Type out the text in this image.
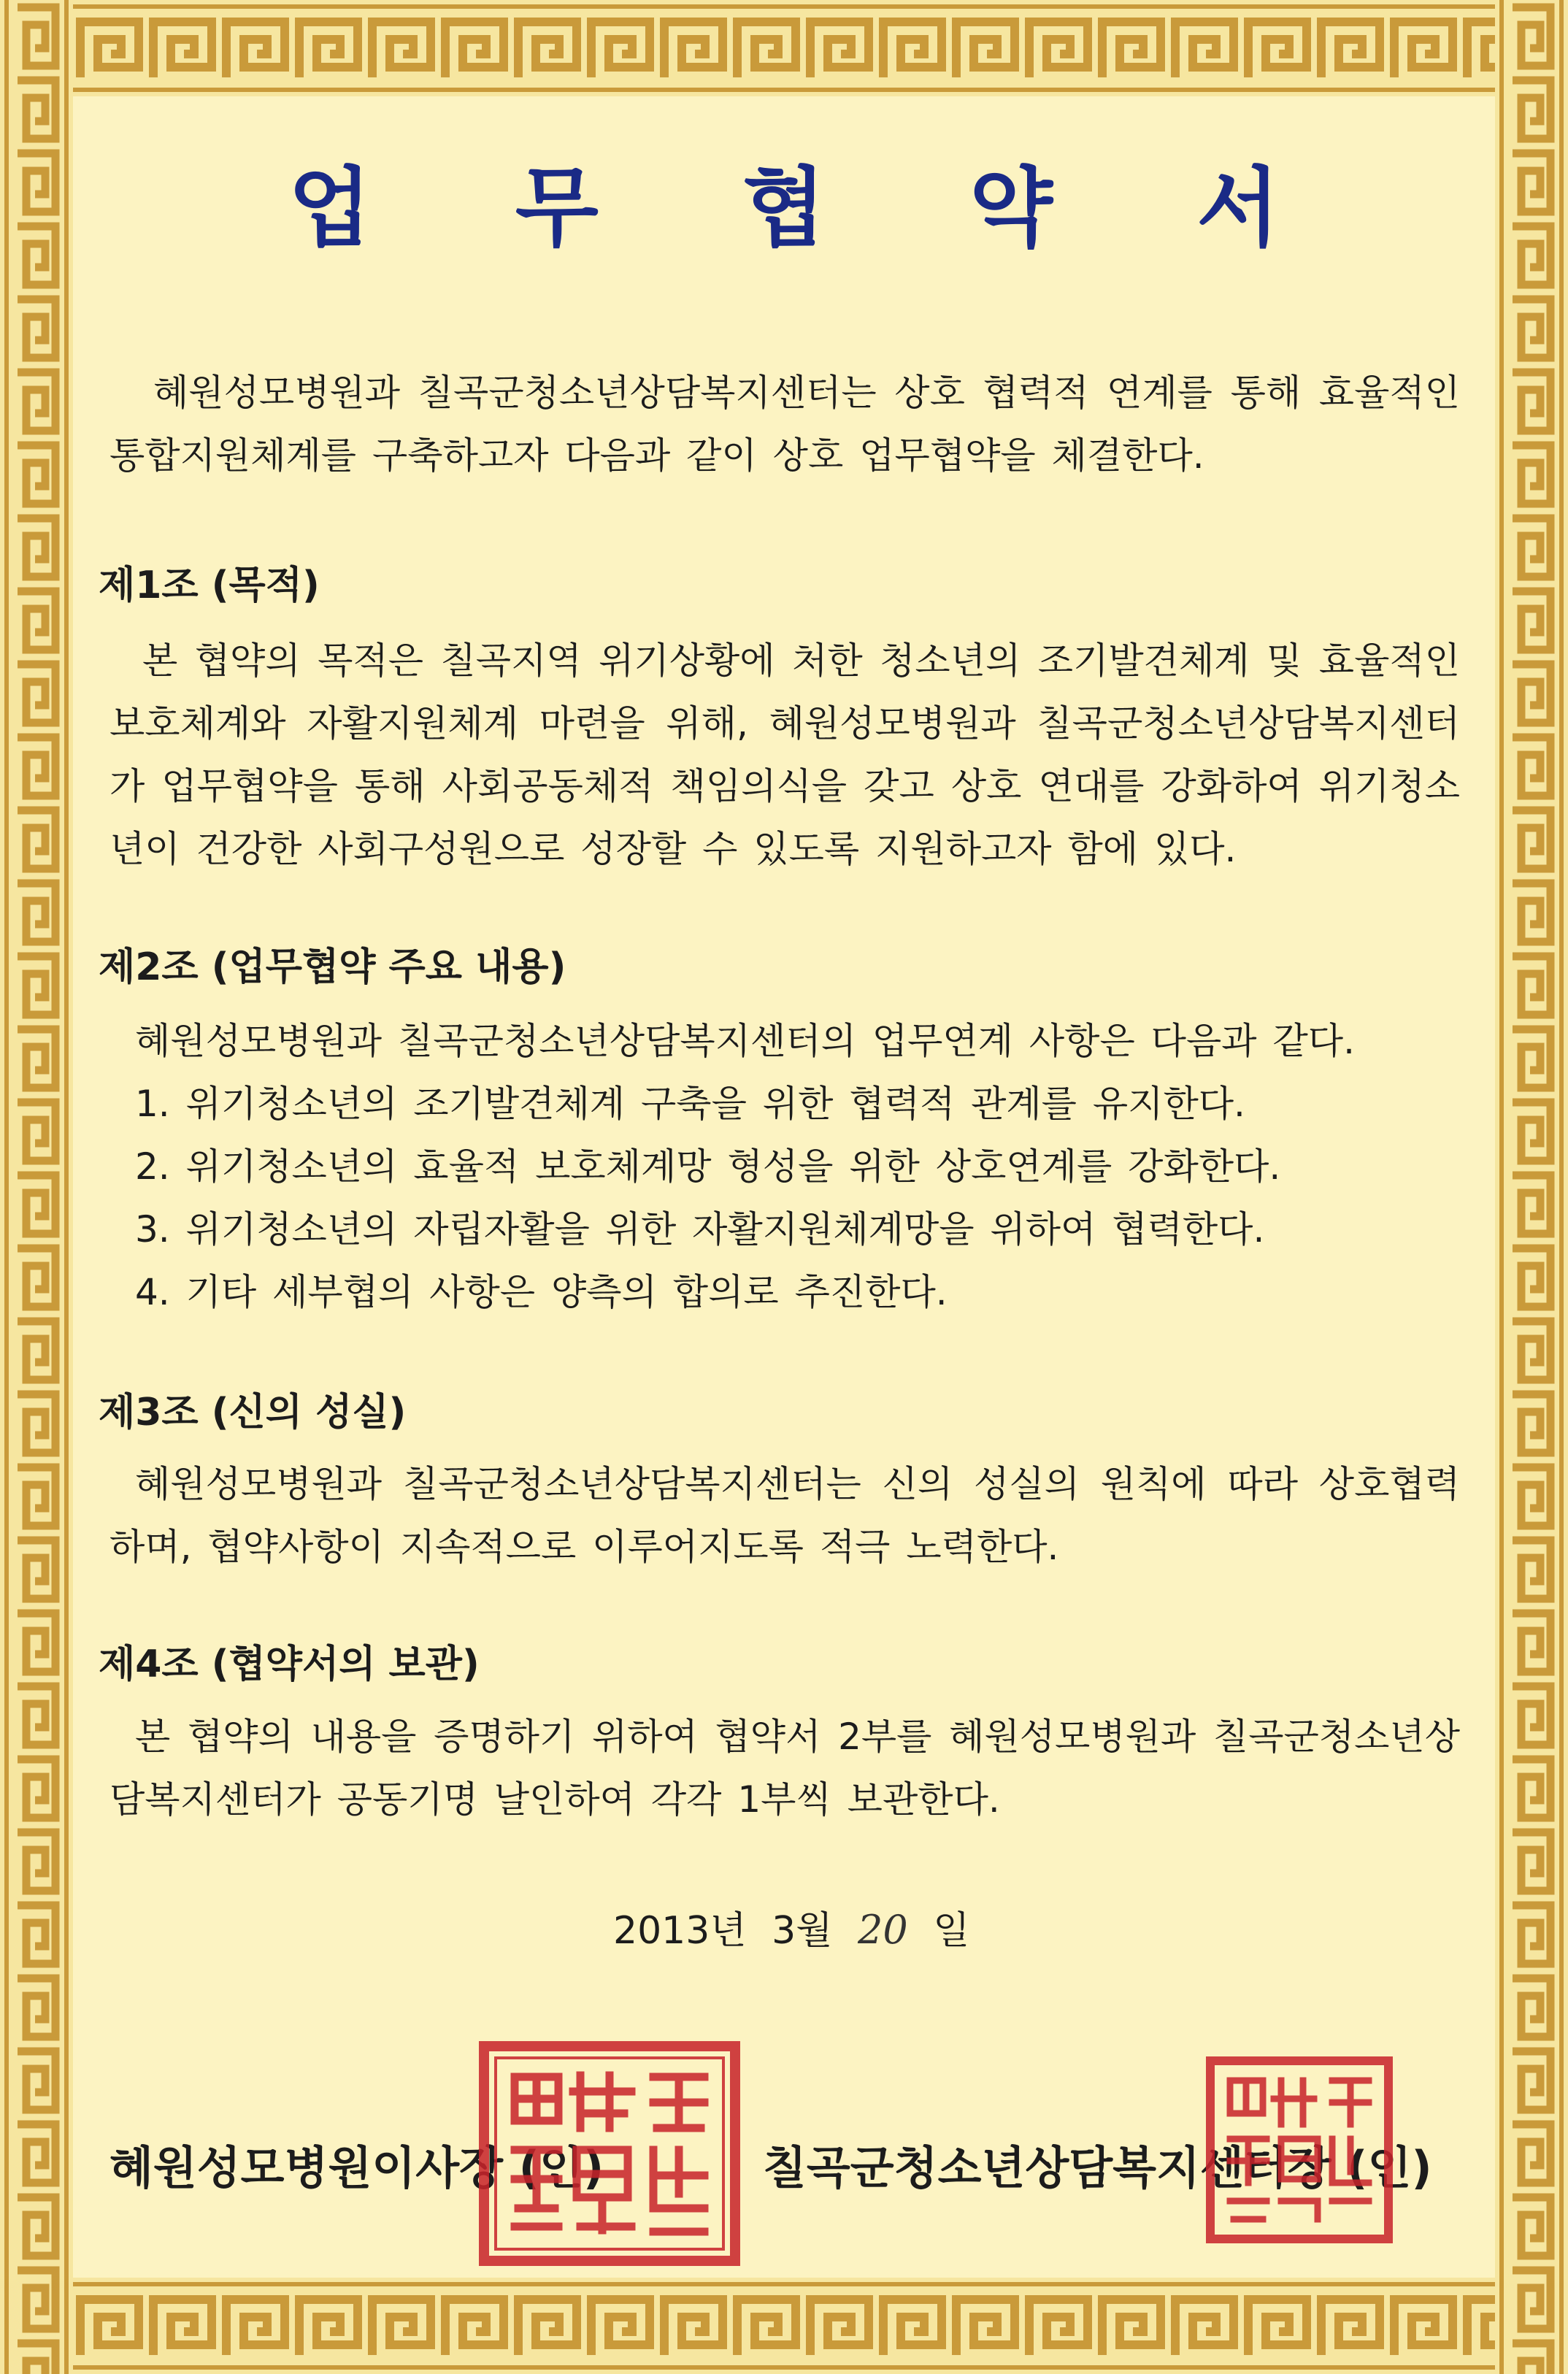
업 무 협 약 서
혜원성모병원과 칠곡군청소년상담복지센터는 상호 협력적 연계를 통해 효율적인 통합지원체계를 구축하고자 다음과 같이 상호 업무협약을 체결한다.
제1조 (목적)
본 협약의 목적은 칠곡지역 위기상황에 처한 청소년의 조기발견체계 및 효율적인 보호체계와 자활지원체계 마련을 위해, 혜원성모병원과 칠곡군청소년상담복지센터가 업무협약을 통해 사회공동체적 책임의식을 갖고 상호 연대를 강화하여 위기청소년이 건강한 사회구성원으로 성장할 수 있도록 지원하고자 함에 있다.
제2조 (업무협약 주요 내용)
혜원성모병원과 칠곡군청소년상담복지센터의 업무연계 사항은 다음과 같다.
1. 위기청소년의 조기발견체계 구축을 위한 협력적 관계를 유지한다.
2. 위기청소년의 효율적 보호체계망 형성을 위한 상호연계를 강화한다.
3. 위기청소년의 자립자활을 위한 자활지원체계망을 위하여 협력한다.
4. 기타 세부협의 사항은 양측의 합의로 추진한다.
제3조 (신의 성실)
혜원성모병원과 칠곡군청소년상담복지센터는 신의 성실의 원칙에 따라 상호협력하며, 협약사항이 지속적으로 이루어지도록 적극 노력한다.
제4조 (협약서의 보관)
본 협약의 내용을 증명하기 위하여 협약서 2부를 혜원성모병원과 칠곡군청소년상담복지센터가 공동기명 날인하여 각각 1부씩 보관한다.
2013년 3월 20 일
혜원성모병원이사장 (인)	칠곡군청소년상담복지센터장 (인)
